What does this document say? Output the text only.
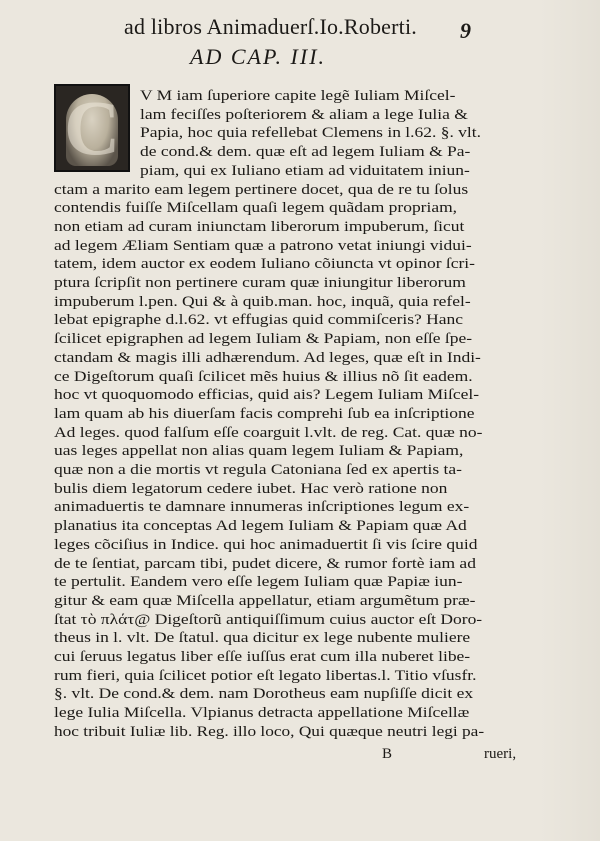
ad libros Animaduerſ.Io.Roberti.	9
AD CAP. III.
C V M iam ſuperiore capite legẽ Iuliam Miſcel-
lam feciſſes poſteriorem & aliam a lege Iulia &
Papia, hoc quia refellebat Clemens in l.62. §. vlt.
de cond.& dem. quæ eſt ad legem Iuliam & Pa-
piam, qui ex Iuliano etiam ad viduitatem iniun-
ctam a marito eam legem pertinere docet, qua de re tu ſolus
contendis fuiſſe Miſcellam quaſi legem quãdam propriam,
non etiam ad curam iniunctam liberorum impuberum, ſicut
ad legem Æliam Sentiam quæ a patrono vetat iniungi vidui-
tatem, idem auctor ex eodem Iuliano cõiuncta vt opinor ſcri-
ptura ſcripſit non pertinere curam quæ iniungitur liberorum
impuberum l.pen. Qui & à quib.man. hoc, inquã, quia refel-
lebat epigraphe d.l.62. vt effugias quid commiſceris? Hanc
ſcilicet epigraphen ad legem Iuliam & Papiam, non eſſe ſpe-
ctandam & magis illi adhærendum. Ad leges, quæ eſt in Indi-
ce Digeſtorum quaſi ſcilicet mẽs huius & illius nõ ſit eadem.
hoc vt quoquomodo efficias, quid ais? Legem Iuliam Miſcel-
lam quam ab his diuerſam facis comprehi ſub ea inſcriptione
Ad leges. quod falſum eſſe coarguit l.vlt. de reg. Cat. quæ no-
uas leges appellat non alias quam legem Iuliam & Papiam,
quæ non a die mortis vt regula Catoniana ſed ex apertis ta-
bulis diem legatorum cedere iubet. Hac verò ratione non
animaduertis te damnare innumeras inſcriptiones legum ex-
planatius ita conceptas Ad legem Iuliam & Papiam quæ Ad
leges cõciſius in Indice. qui hoc animaduertit ſi vis ſcire quid
de te ſentiat, parcam tibi, pudet dicere, & rumor fortè iam ad
te pertulit. Eandem vero eſſe legem Iuliam quæ Papiæ iun-
gitur & eam quæ Miſcella appellatur, etiam argumẽtum præ-
ſtat τὸ πλάτ@ Digeſtorũ antiquiſſimum cuius auctor eſt Doro-
theus in l. vlt. De ſtatul. qua dicitur ex lege nubente muliere
cui ſeruus legatus liber eſſe iuſſus erat cum illa nuberet libe-
rum fieri, quia ſcilicet potior eſt legato libertas.l. Titio vſusfr.
§. vlt. De cond.& dem. nam Dorotheus eam nupſiſſe dicit ex
lege Iulia Miſcella. Vlpianus detracta appellatione Miſcellæ
hoc tribuit Iuliæ lib. Reg. illo loco, Qui quæque neutri legi pa-
B	rueri,
